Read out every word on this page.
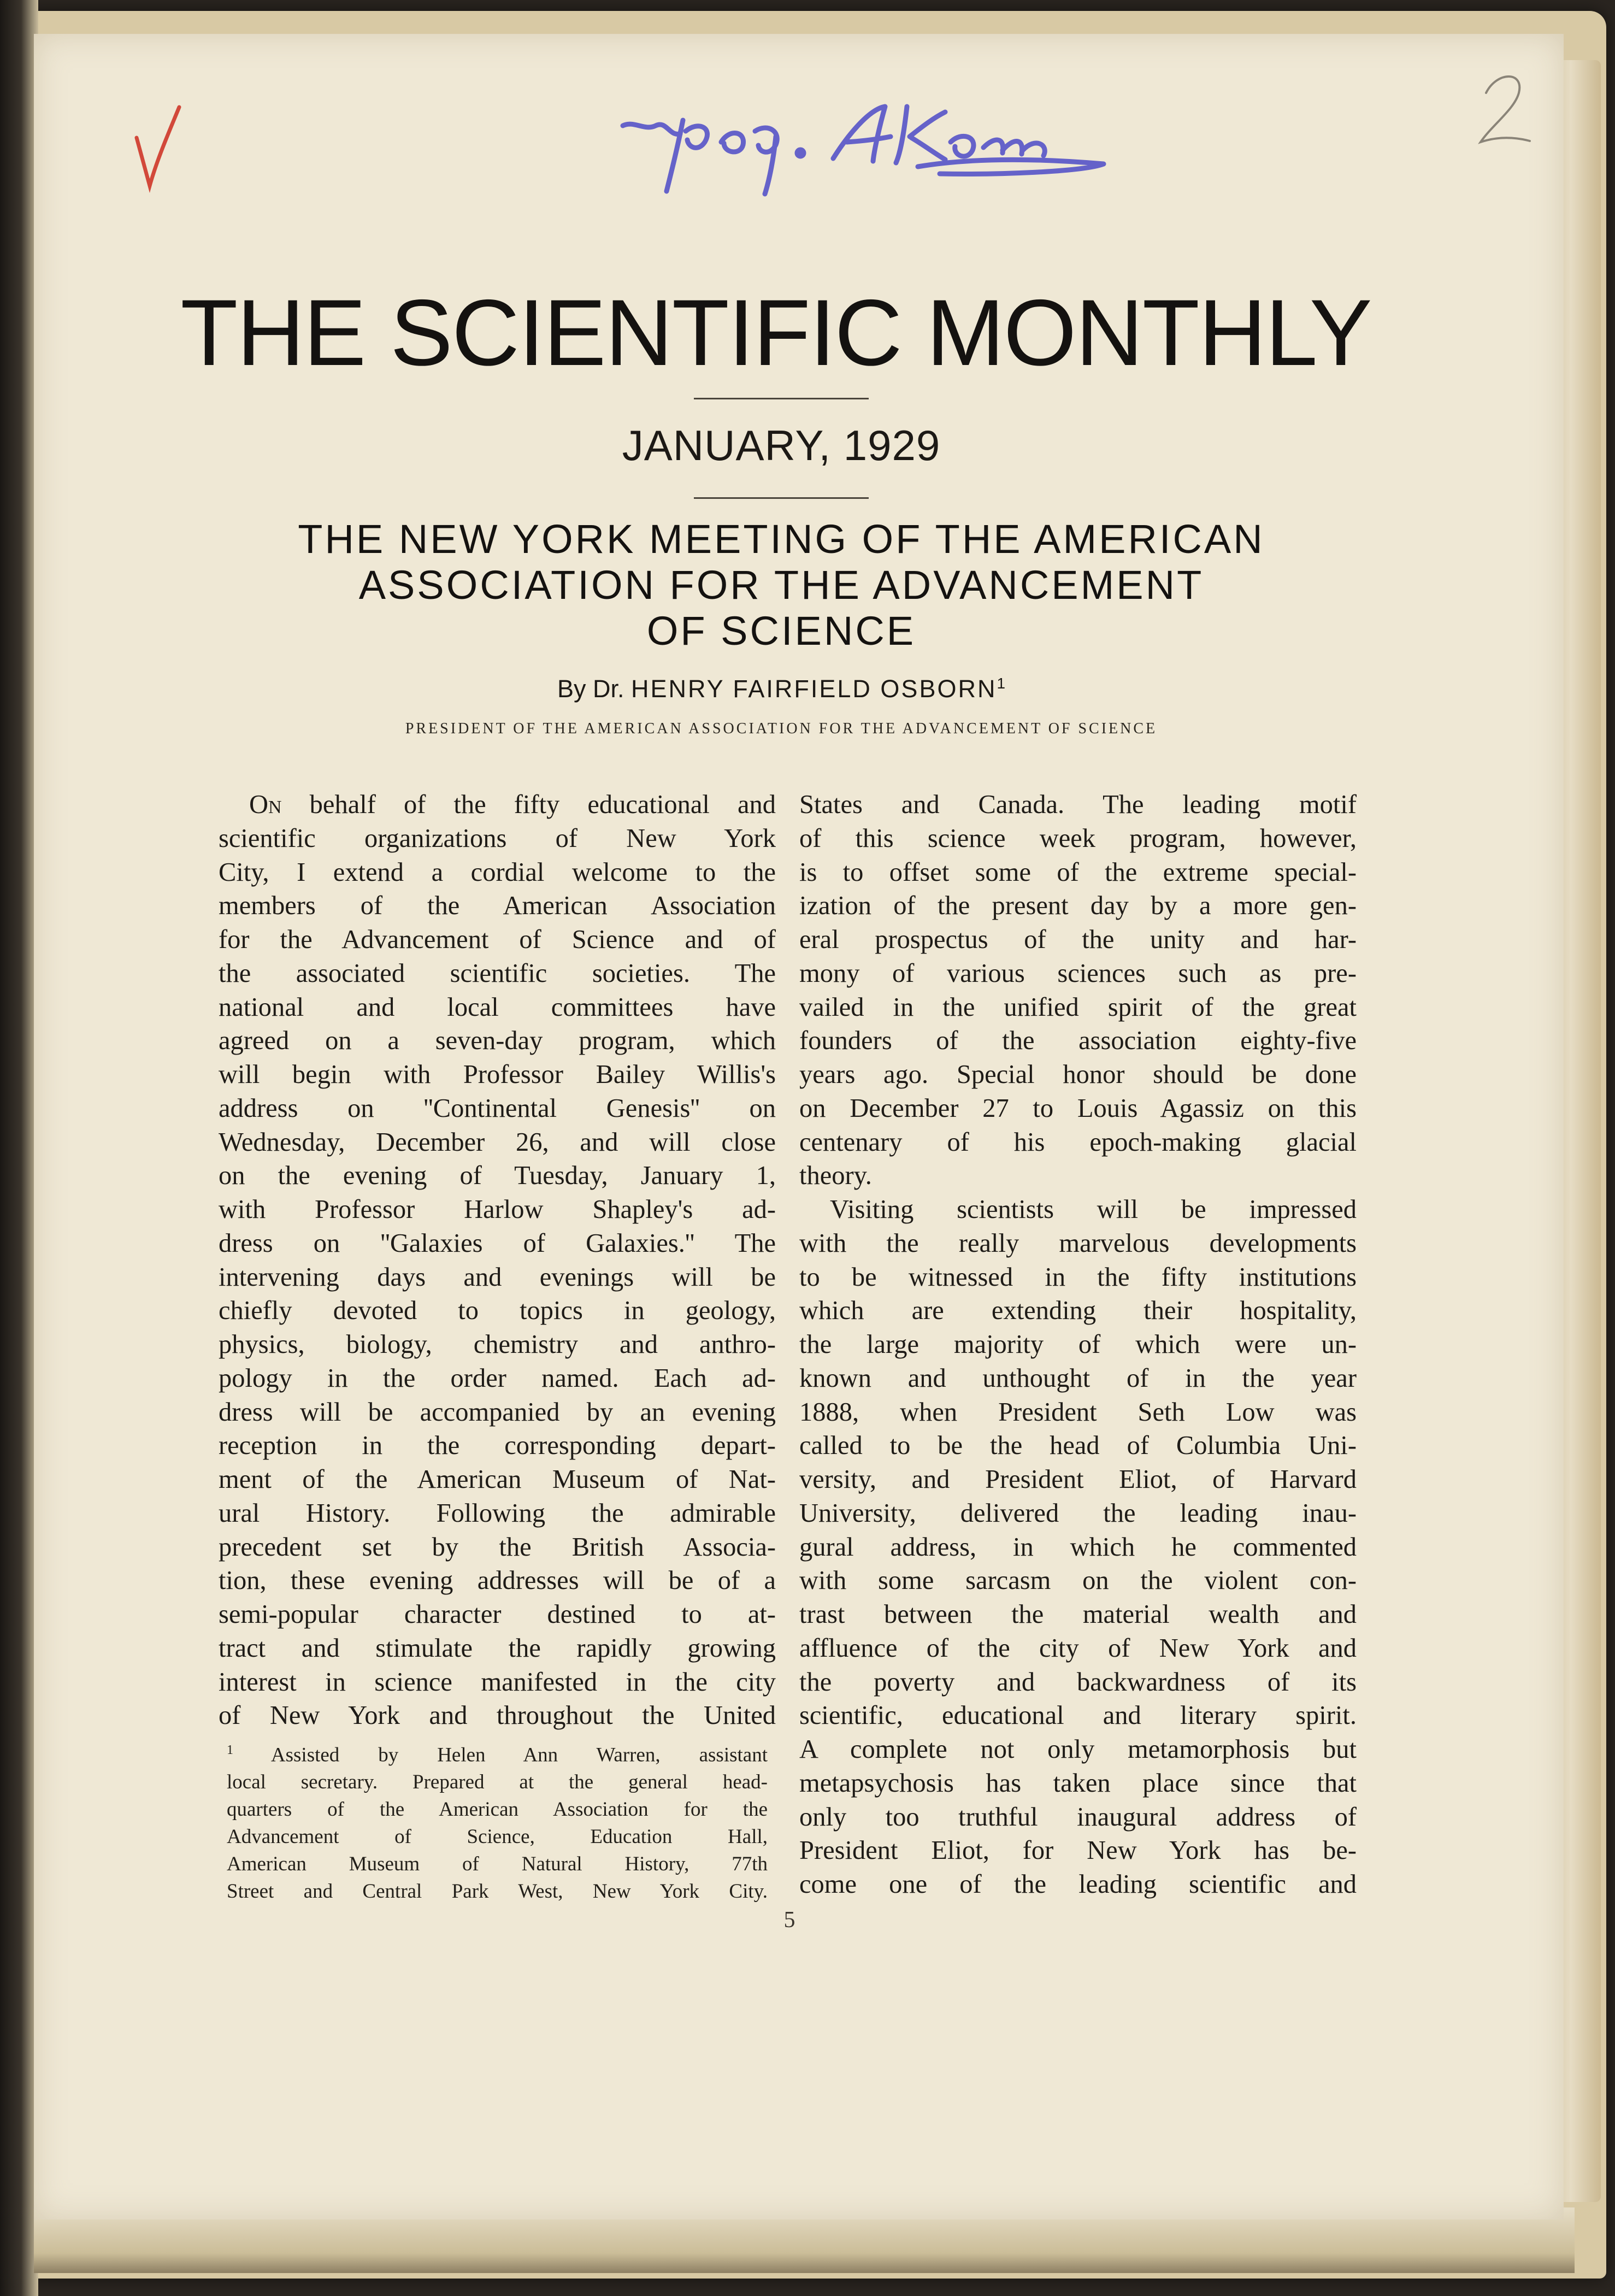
THE SCIENTIFIC MONTHLY
JANUARY, 1929
THE NEW YORK MEETING OF THE AMERICAN
ASSOCIATION FOR THE ADVANCEMENT
OF SCIENCE
By Dr. HENRY FAIRFIELD OSBORN$^1$
PRESIDENT OF THE AMERICAN ASSOCIATION FOR THE ADVANCEMENT OF SCIENCE
On behalf of the fifty educational and
scientific organizations of New York
City, I extend a cordial welcome to the
members of the American Association
for the Advancement of Science and of
the associated scientific societies. The
national and local committees have
agreed on a seven-day program, which
will begin with Professor Bailey Willis's
address on ''Continental Genesis'' on
Wednesday, December 26, and will close
on the evening of Tuesday, January 1,
with Professor Harlow Shapley's ad-
dress on ''Galaxies of Galaxies.'' The
intervening days and evenings will be
chiefly devoted to topics in geology,
physics, biology, chemistry and anthro-
pology in the order named. Each ad-
dress will be accompanied by an evening
reception in the corresponding depart-
ment of the American Museum of Nat-
ural History. Following the admirable
precedent set by the British Associa-
tion, these evening addresses will be of a
semi-popular character destined to at-
tract and stimulate the rapidly growing
interest in science manifested in the city
of New York and throughout the United
$^1$ Assisted by Helen Ann Warren, assistant
local secretary. Prepared at the general head-
quarters of the American Association for the
Advancement of Science, Education Hall,
American Museum of Natural History, 77th
Street and Central Park West, New York City.
States and Canada. The leading motif
of this science week program, however,
is to offset some of the extreme special-
ization of the present day by a more gen-
eral prospectus of the unity and har-
mony of various sciences such as pre-
vailed in the unified spirit of the great
founders of the association eighty-five
years ago. Special honor should be done
on December 27 to Louis Agassiz on this
centenary of his epoch-making glacial
theory.
Visiting scientists will be impressed
with the really marvelous developments
to be witnessed in the fifty institutions
which are extending their hospitality,
the large majority of which were un-
known and unthought of in the year
1888, when President Seth Low was
called to be the head of Columbia Uni-
versity, and President Eliot, of Harvard
University, delivered the leading inau-
gural address, in which he commented
with some sarcasm on the violent con-
trast between the material wealth and
affluence of the city of New York and
the poverty and backwardness of its
scientific, educational and literary spirit.
A complete not only metamorphosis but
metapsychosis has taken place since that
only too truthful inaugural address of
President Eliot, for New York has be-
come one of the leading scientific and
5
